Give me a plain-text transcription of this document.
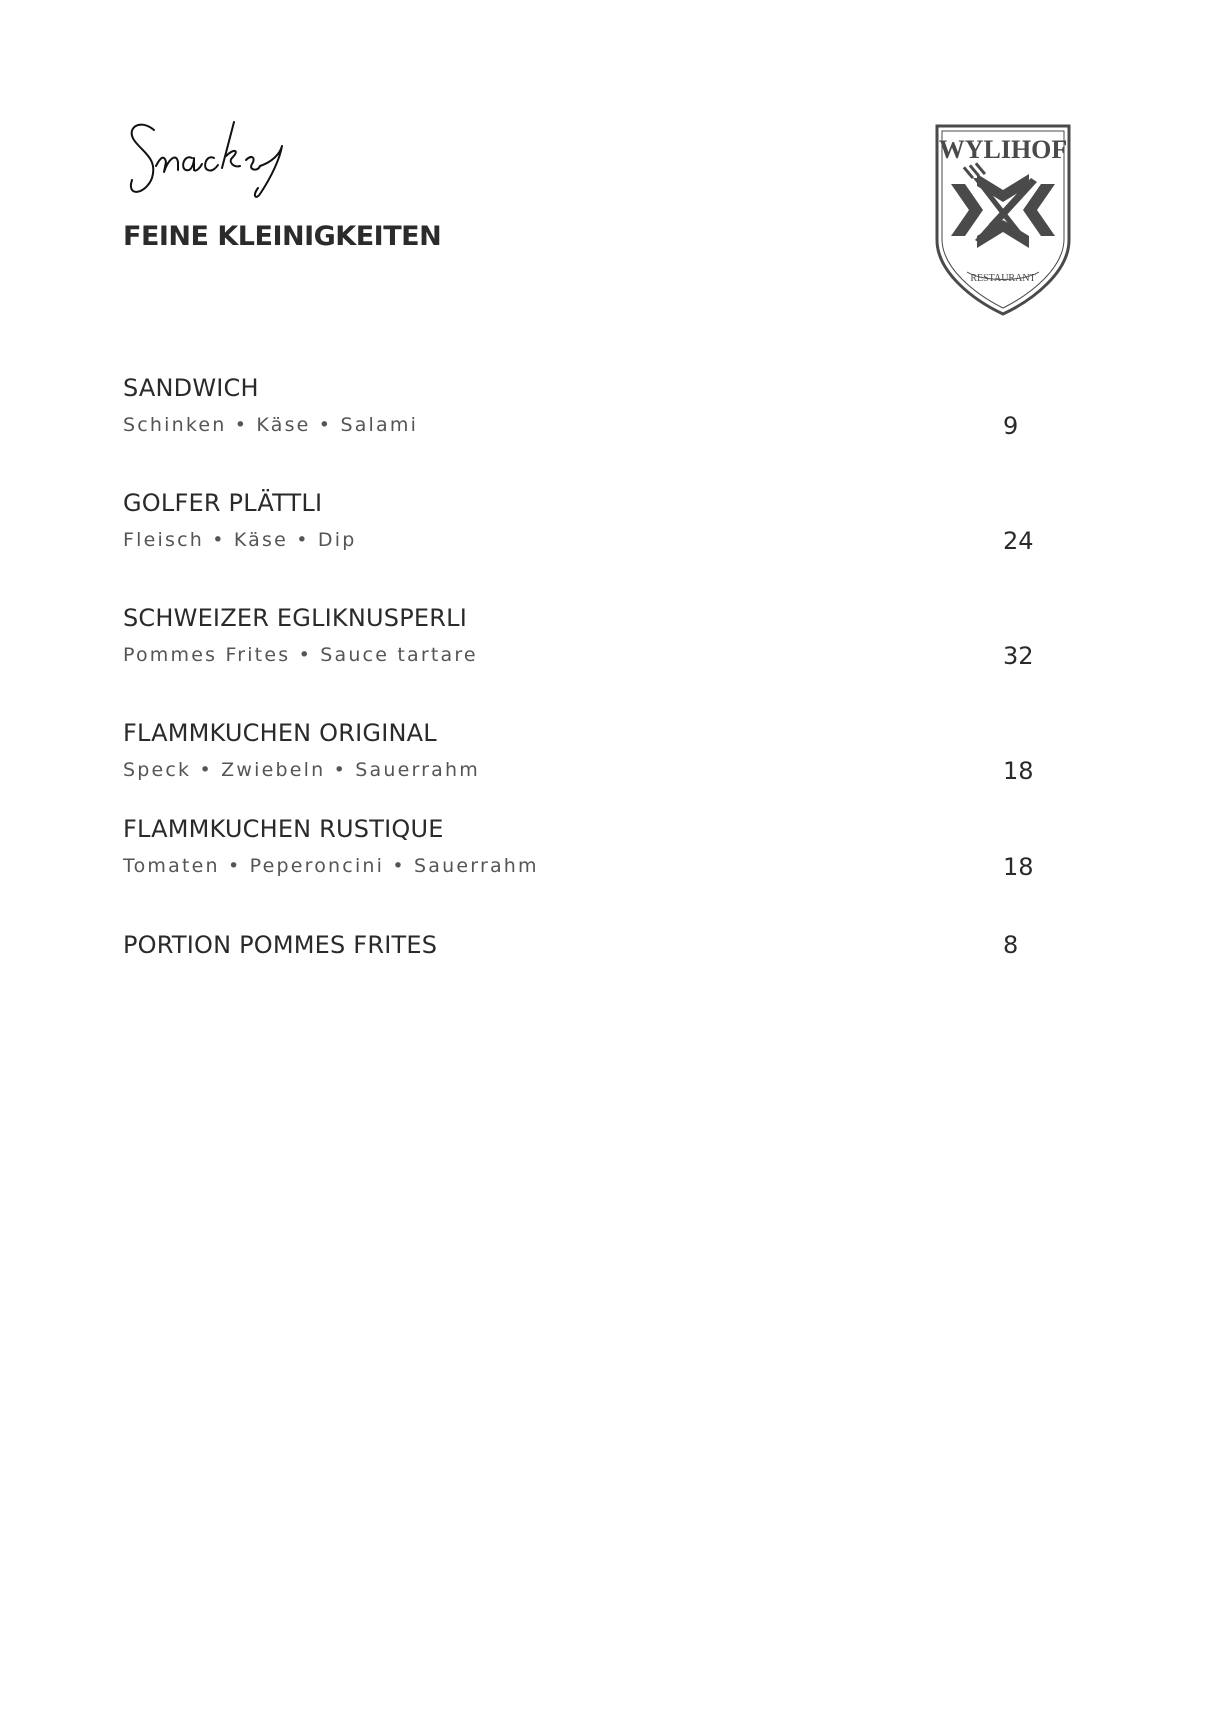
FEINE KLEINIGKEITEN
WYLIHOF
RESTAURANT
SANDWICH
Schinken • Käse • Salami	9
GOLFER PLÄTTLI
Fleisch • Käse • Dip	24
SCHWEIZER EGLIKNUSPERLI
Pommes Frites • Sauce tartare	32
FLAMMKUCHEN ORIGINAL
Speck • Zwiebeln • Sauerrahm	18
FLAMMKUCHEN RUSTIQUE
Tomaten • Peperoncini • Sauerrahm	18
PORTION POMMES FRITES	8
